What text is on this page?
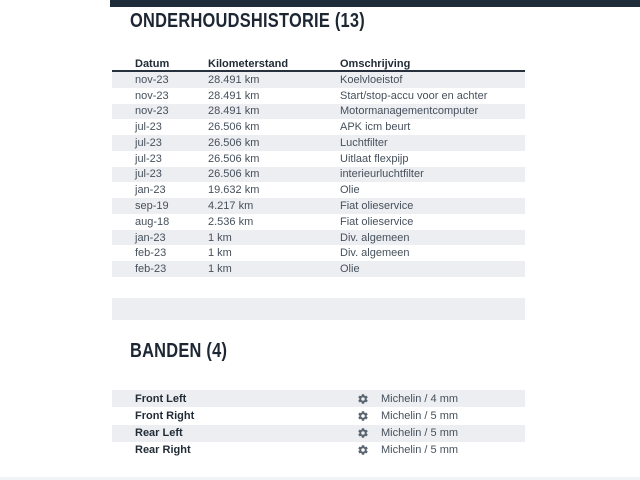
ONDERHOUDSHISTORIE (13)
Datum	Kilometerstand	Omschrijving
nov-23	28.491 km	Koelvloeistof
nov-23	28.491 km	Start/stop-accu voor en achter
nov-23	28.491 km	Motormanagementcomputer
jul-23	26.506 km	APK icm beurt
jul-23	26.506 km	Luchtfilter
jul-23	26.506 km	Uitlaat flexpijp
jul-23	26.506 km	interieurluchtfilter
jan-23	19.632 km	Olie
sep-19	4.217 km	Fiat olieservice
aug-18	2.536 km	Fiat olieservice
jan-23	1 km	Div. algemeen
feb-23	1 km	Div. algemeen
feb-23	1 km	Olie
BANDEN (4)
Front Left	Michelin / 4 mm
Front Right	Michelin / 5 mm
Rear Left	Michelin / 5 mm
Rear Right	Michelin / 5 mm
